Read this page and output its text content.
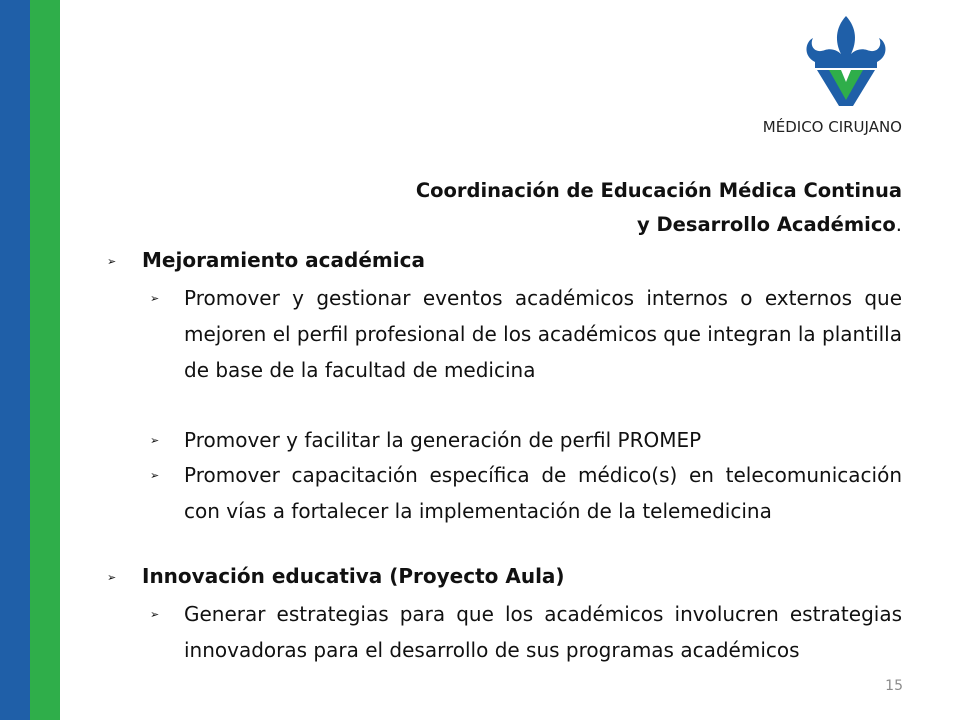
MÉDICO CIRUJANO
Coordinación de Educación Médica Continua
y Desarrollo Académico.
➢ Mejoramiento académica
➢ Promover y gestionar eventos académicos internos o externos que mejoren el perfil profesional de los académicos que integran la plantilla de base de la facultad de medicina
➢ Promover y facilitar la generación de perfil PROMEP
➢ Promover capacitación específica de médico(s) en telecomunicación con vías a fortalecer la implementación de la telemedicina
➢ Innovación educativa (Proyecto Aula)
➢ Generar estrategias para que los académicos involucren estrategias innovadoras para el desarrollo de sus programas académicos
15
